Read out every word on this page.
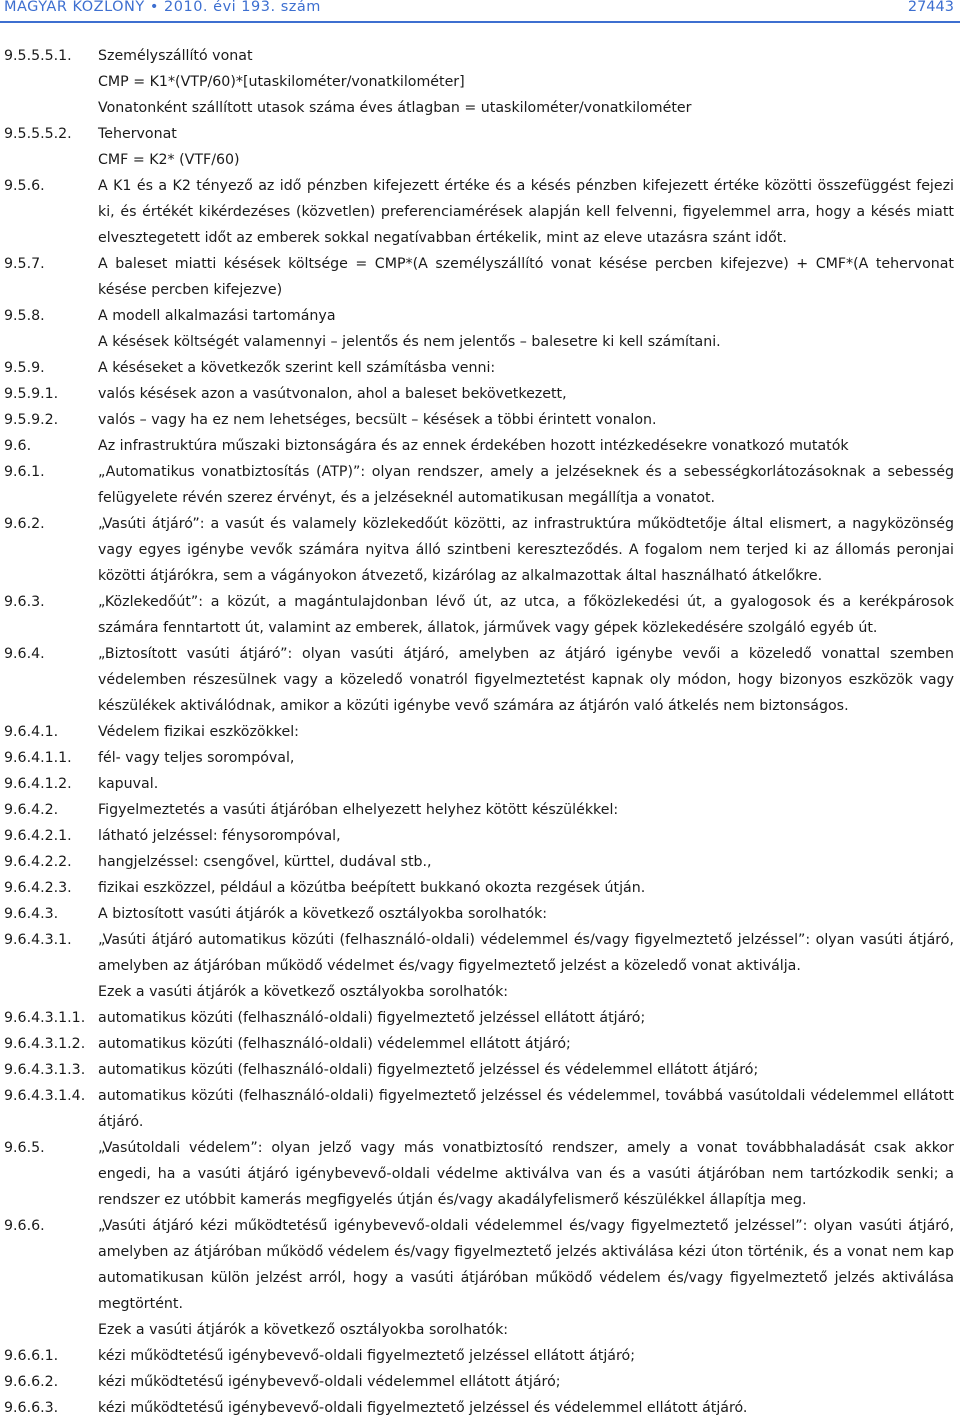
MAGYAR KÖZLÖNY • 2010. évi 193. szám	27443
9.5.5.5.1.	Személyszállító vonat
CMP = K1*(VTP/60)*[utaskilométer/vonatkilométer]
Vonatonként szállított utasok száma éves átlagban = utaskilométer/vonatkilométer
9.5.5.5.2.	Tehervonat
CMF = K2* (VTF/60)
9.5.6.	A K1 és a K2 tényező az idő pénzben kifejezett értéke és a késés pénzben kifejezett értéke közötti összefüggést fejezi ki, és értékét kikérdezéses (közvetlen) preferenciamérések alapján kell felvenni, figyelemmel arra, hogy a késés miatt elvesztegetett időt az emberek sokkal negatívabban értékelik, mint az eleve utazásra szánt időt.
9.5.7.	A baleset miatti késések költsége = CMP*(A személyszállító vonat késése percben kifejezve) + CMF*(A tehervonat késése percben kifejezve)
9.5.8.	A modell alkalmazási tartománya
A késések költségét valamennyi – jelentős és nem jelentős – balesetre ki kell számítani.
9.5.9.	A késéseket a következők szerint kell számításba venni:
9.5.9.1.	valós késések azon a vasútvonalon, ahol a baleset bekövetkezett,
9.5.9.2.	valós – vagy ha ez nem lehetséges, becsült – késések a többi érintett vonalon.
9.6.	Az infrastruktúra műszaki biztonságára és az ennek érdekében hozott intézkedésekre vonatkozó mutatók
9.6.1.	„Automatikus vonatbiztosítás (ATP)”: olyan rendszer, amely a jelzéseknek és a sebességkorlátozásoknak a sebesség felügyelete révén szerez érvényt, és a jelzéseknél automatikusan megállítja a vonatot.
9.6.2.	„Vasúti átjáró”: a vasút és valamely közlekedőút közötti, az infrastruktúra működtetője által elismert, a nagyközönség vagy egyes igénybe vevők számára nyitva álló szintbeni kereszteződés. A fogalom nem terjed ki az állomás peronjai közötti átjárókra, sem a vágányokon átvezető, kizárólag az alkalmazottak által használható átkelőkre.
9.6.3.	„Közlekedőút”: a közút, a magántulajdonban lévő út, az utca, a főközlekedési út, a gyalogosok és a kerékpárosok számára fenntartott út, valamint az emberek, állatok, járművek vagy gépek közlekedésére szolgáló egyéb út.
9.6.4.	„Biztosított vasúti átjáró”: olyan vasúti átjáró, amelyben az átjáró igénybe vevői a közeledő vonattal szemben védelemben részesülnek vagy a közeledő vonatról figyelmeztetést kapnak oly módon, hogy bizonyos eszközök vagy készülékek aktiválódnak, amikor a közúti igénybe vevő számára az átjárón való átkelés nem biztonságos.
9.6.4.1.	Védelem fizikai eszközökkel:
9.6.4.1.1.	fél- vagy teljes sorompóval,
9.6.4.1.2.	kapuval.
9.6.4.2.	Figyelmeztetés a vasúti átjáróban elhelyezett helyhez kötött készülékkel:
9.6.4.2.1.	látható jelzéssel: fénysorompóval,
9.6.4.2.2.	hangjelzéssel: csengővel, kürttel, dudával stb.,
9.6.4.2.3.	fizikai eszközzel, például a közútba beépített bukkanó okozta rezgések útján.
9.6.4.3.	A biztosított vasúti átjárók a következő osztályokba sorolhatók:
9.6.4.3.1.	„Vasúti átjáró automatikus közúti (felhasználó-oldali) védelemmel és/vagy figyelmeztető jelzéssel”: olyan vasúti átjáró, amelyben az átjáróban működő védelmet és/vagy figyelmeztető jelzést a közeledő vonat aktiválja.
Ezek a vasúti átjárók a következő osztályokba sorolhatók:
9.6.4.3.1.1. automatikus közúti (felhasználó-oldali) figyelmeztető jelzéssel ellátott átjáró;
9.6.4.3.1.2. automatikus közúti (felhasználó-oldali) védelemmel ellátott átjáró;
9.6.4.3.1.3. automatikus közúti (felhasználó-oldali) figyelmeztető jelzéssel és védelemmel ellátott átjáró;
9.6.4.3.1.4. automatikus közúti (felhasználó-oldali) figyelmeztető jelzéssel és védelemmel, továbbá vasútoldali védelemmel ellátott átjáró.
9.6.5.	„Vasútoldali védelem”: olyan jelző vagy más vonatbiztosító rendszer, amely a vonat továbbhaladását csak akkor engedi, ha a vasúti átjáró igénybevevő-oldali védelme aktiválva van és a vasúti átjáróban nem tartózkodik senki; a rendszer ez utóbbit kamerás megfigyelés útján és/vagy akadályfelismerő készülékkel állapítja meg.
9.6.6.	„Vasúti átjáró kézi működtetésű igénybevevő-oldali védelemmel és/vagy figyelmeztető jelzéssel”: olyan vasúti átjáró, amelyben az átjáróban működő védelem és/vagy figyelmeztető jelzés aktiválása kézi úton történik, és a vonat nem kap automatikusan külön jelzést arról, hogy a vasúti átjáróban működő védelem és/vagy figyelmeztető jelzés aktiválása megtörtént.
Ezek a vasúti átjárók a következő osztályokba sorolhatók:
9.6.6.1.	kézi működtetésű igénybevevő-oldali figyelmeztető jelzéssel ellátott átjáró;
9.6.6.2.	kézi működtetésű igénybevevő-oldali védelemmel ellátott átjáró;
9.6.6.3.	kézi működtetésű igénybevevő-oldali figyelmeztető jelzéssel és védelemmel ellátott átjáró.
